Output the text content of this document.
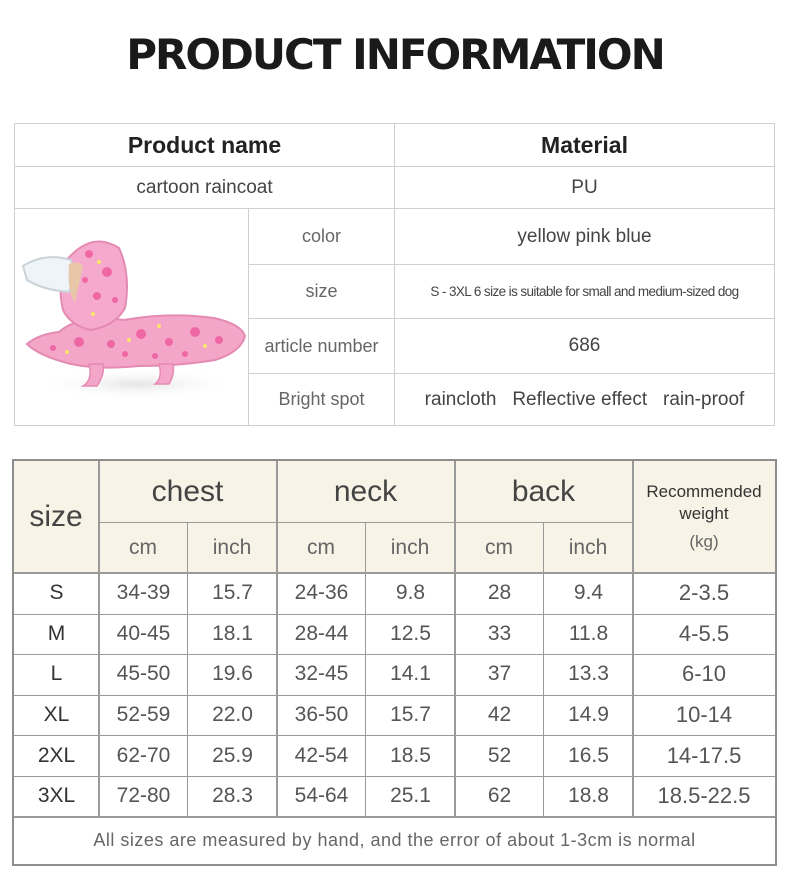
PRODUCT INFORMATION
Product name	Material
cartoon raincoat	PU
color	yellow pink blue
size	S - 3XL 6 size is suitable for small and medium-sized dog
article number	686
Bright spot	raincloth   Reflective effect   rain-proof
size
chest	neck	back	Recommended weight
(kg)
cm	inch	cm	inch	cm	inch
All sizes are measured by hand, and the error of about 1-3cm is normal
S	34-39	15.7	24-36	9.8	28	9.4	2-3.5
M	40-45	18.1	28-44	12.5	33	11.8	4-5.5
L	45-50	19.6	32-45	14.1	37	13.3	6-10
XL	52-59	22.0	36-50	15.7	42	14.9	10-14
2XL	62-70	25.9	42-54	18.5	52	16.5	14-17.5
3XL	72-80	28.3	54-64	25.1	62	18.8	18.5-22.5
